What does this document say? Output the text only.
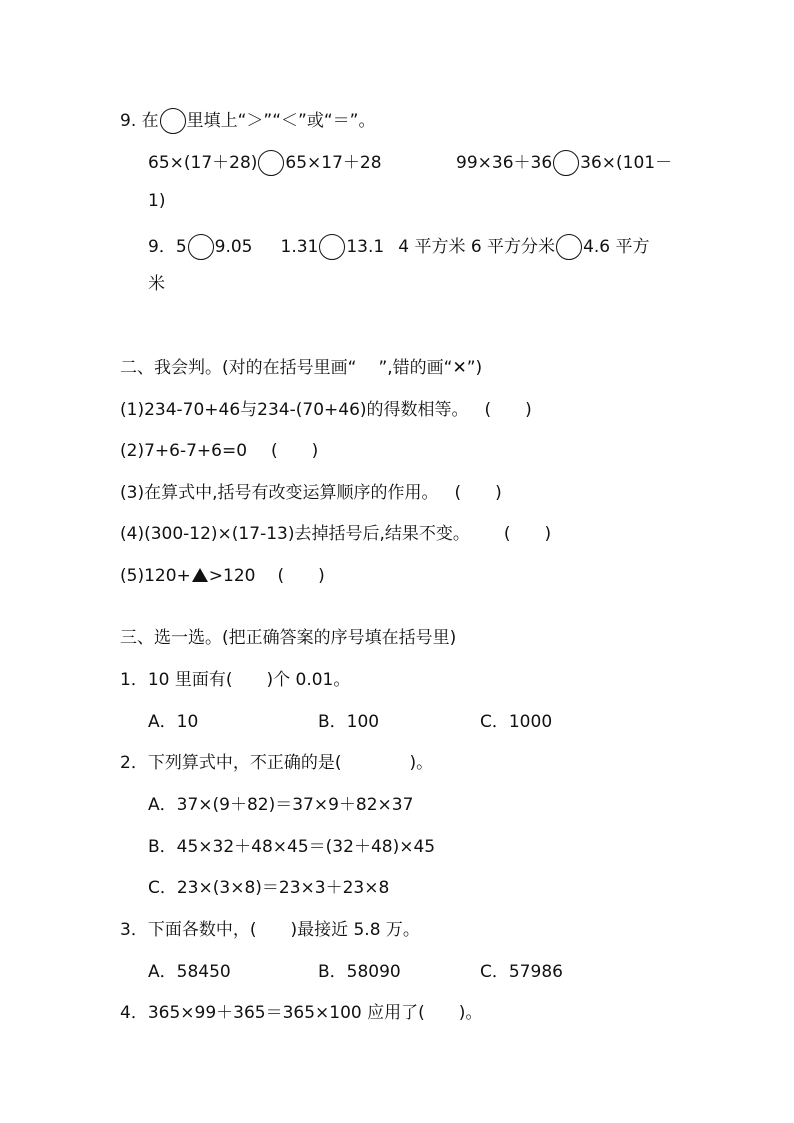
9. 在 里填上“＞”“＜”或“＝”。
65×(17＋28) 65×17＋28	99×36＋36 36×(101－
1)
9．5 9.05 1.31 13.1 4 平方米 6 平方分米 4.6 平方
米
二、我会判。(对的在括号里画“ ”,错的画“✕”)
(1)234-70+46与234-(70+46)的得数相等。 (　　)
(2)7+6-7+6=0 (　　)
(3)在算式中,括号有改变运算顺序的作用。 (　　)
(4)(300-12)×(17-13)去掉括号后,结果不变。 (　　)
(5)120+ >120 (　　)
三、选一选。(把正确答案的序号填在括号里)
1．10 里面有(　　)个 0.01。
A．10	B．100	C．1000
2．下列算式中，不正确的是(　　　　)。
A．37×(9＋82)＝37×9＋82×37
B．45×32＋48×45＝(32＋48)×45
C．23×(3×8)＝23×3＋23×8
3．下面各数中，(　　)最接近 5.8 万。
A．58450	B．58090	C．57986
4．365×99＋365＝365×100 应用了(　　)。
